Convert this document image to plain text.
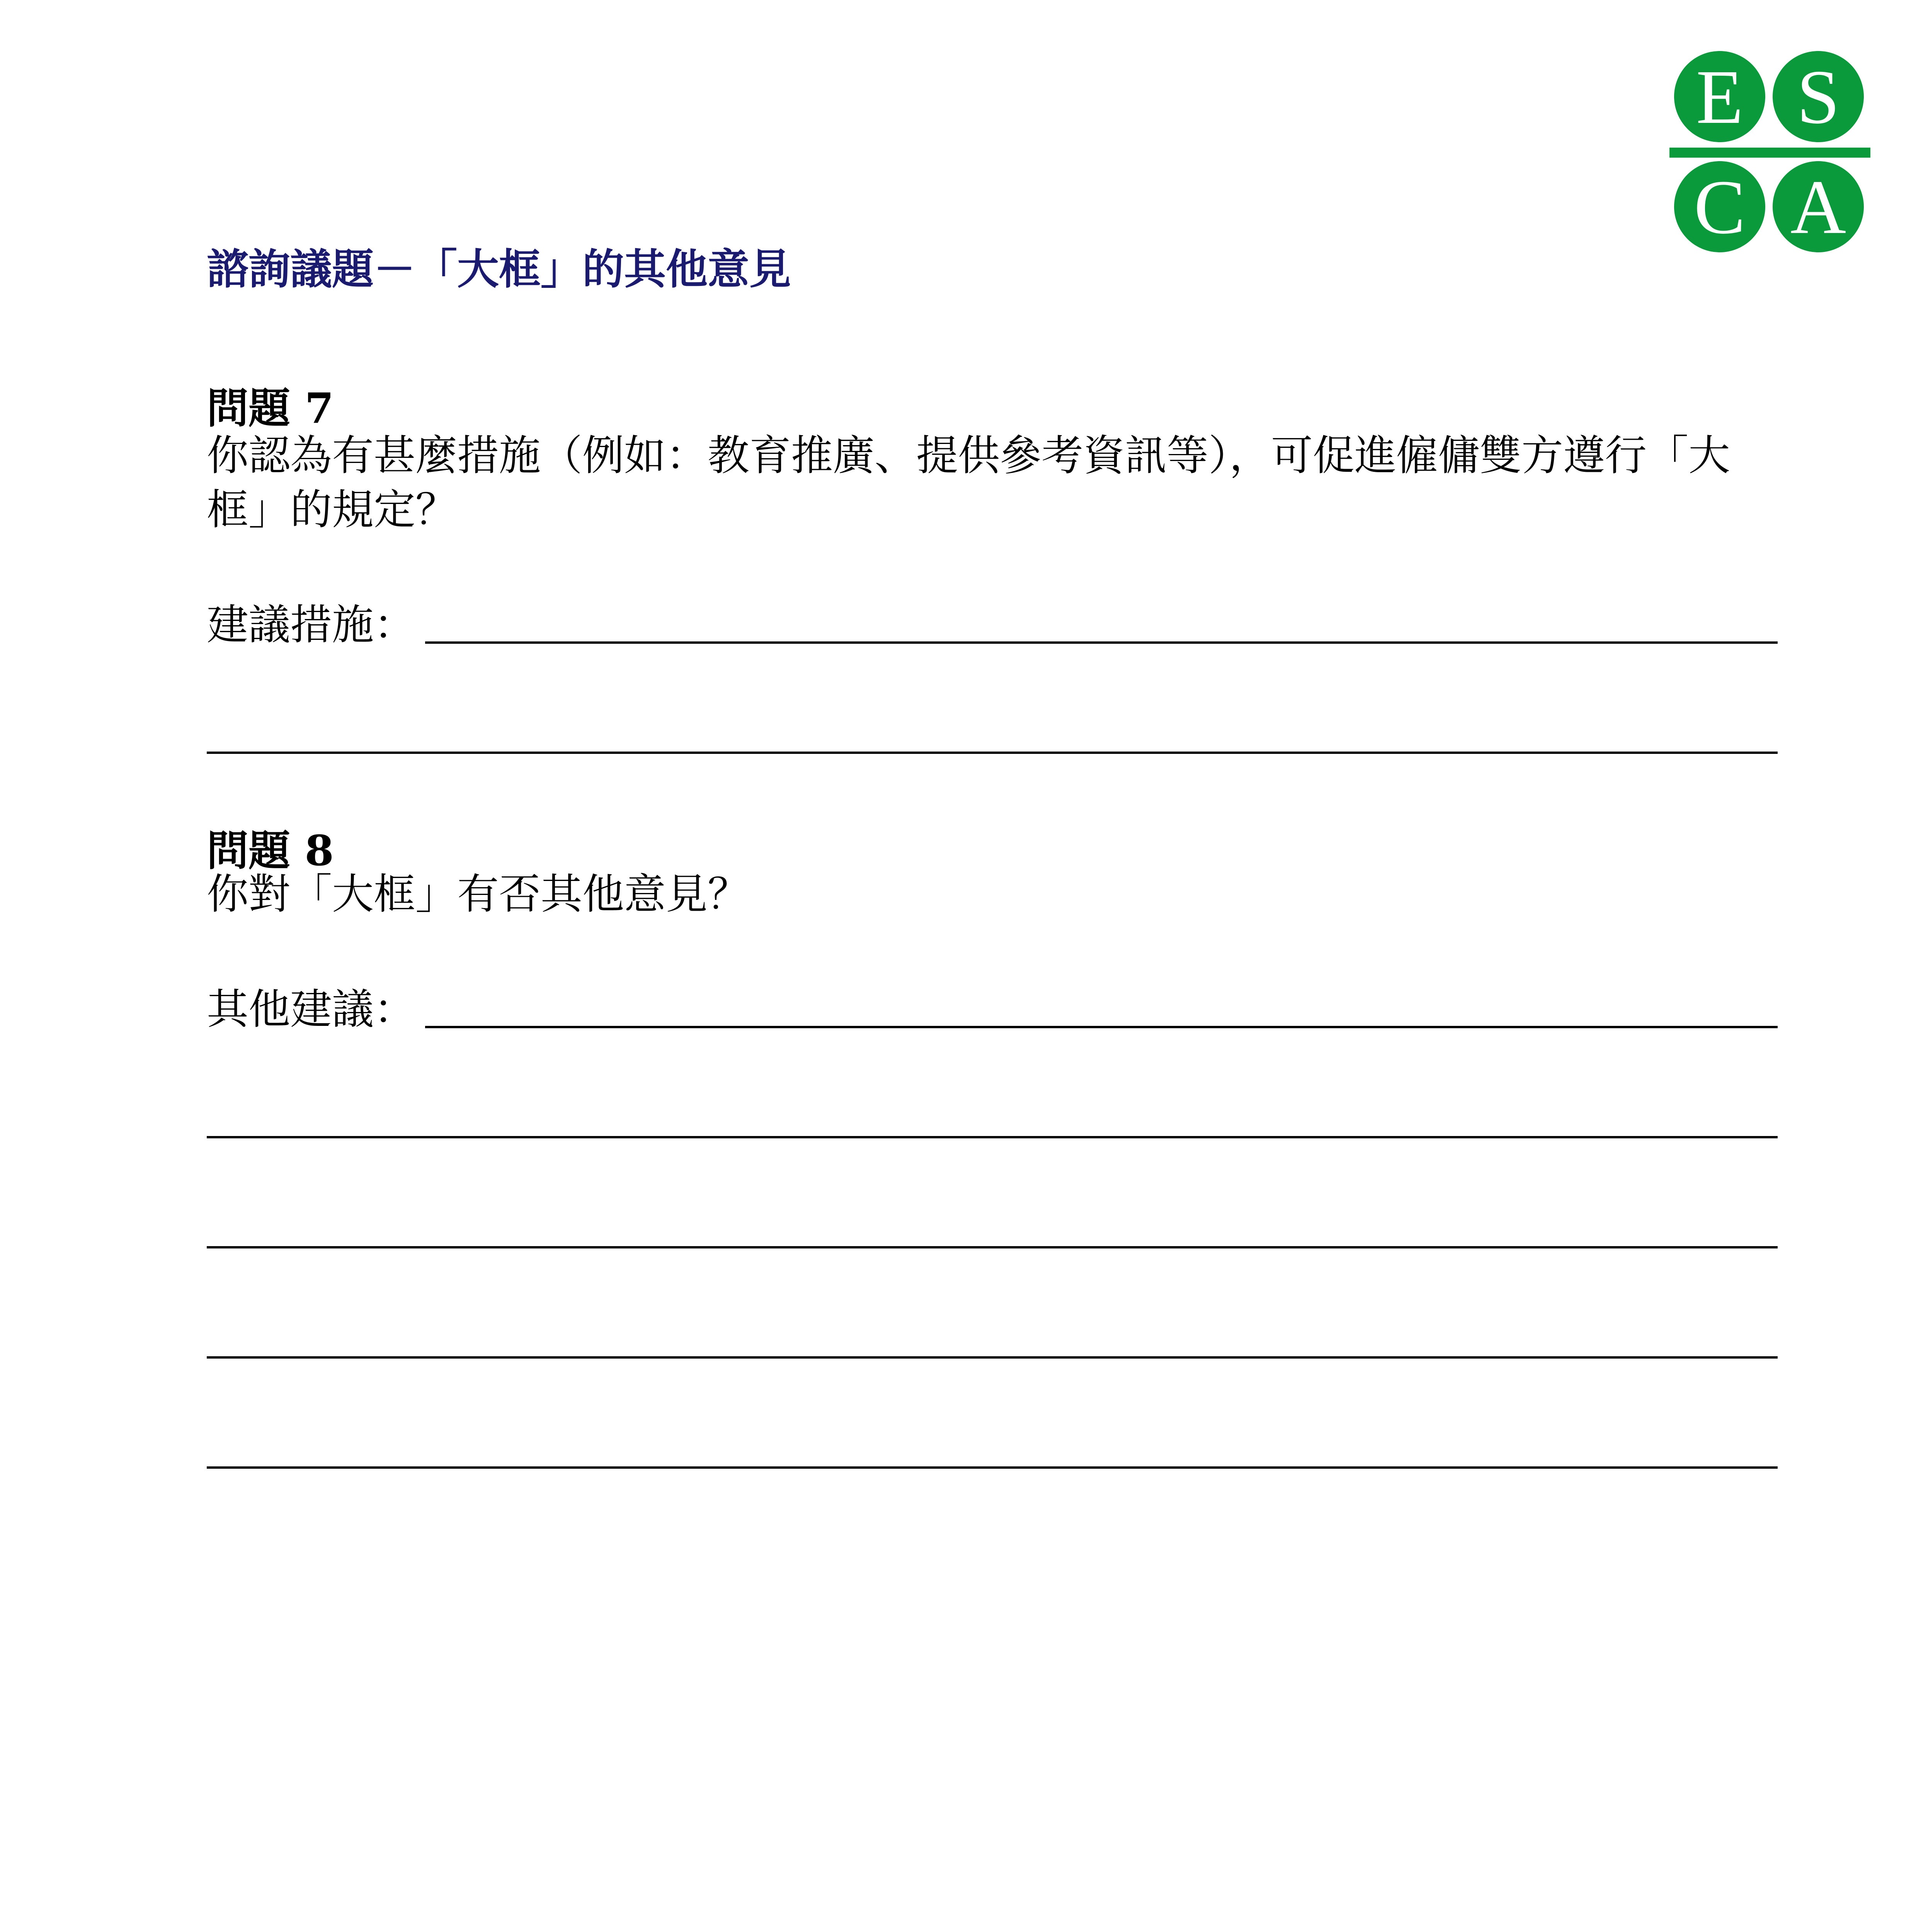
E S
C A
諮詢議題－「大框」的其他意見
問題 7
你認為有甚麼措施（例如：教育推廣、提供參考資訊等），可促進僱傭雙方遵行「大框」的規定？
建議措施：
問題 8
你對「大框」有否其他意見？
其他建議：
